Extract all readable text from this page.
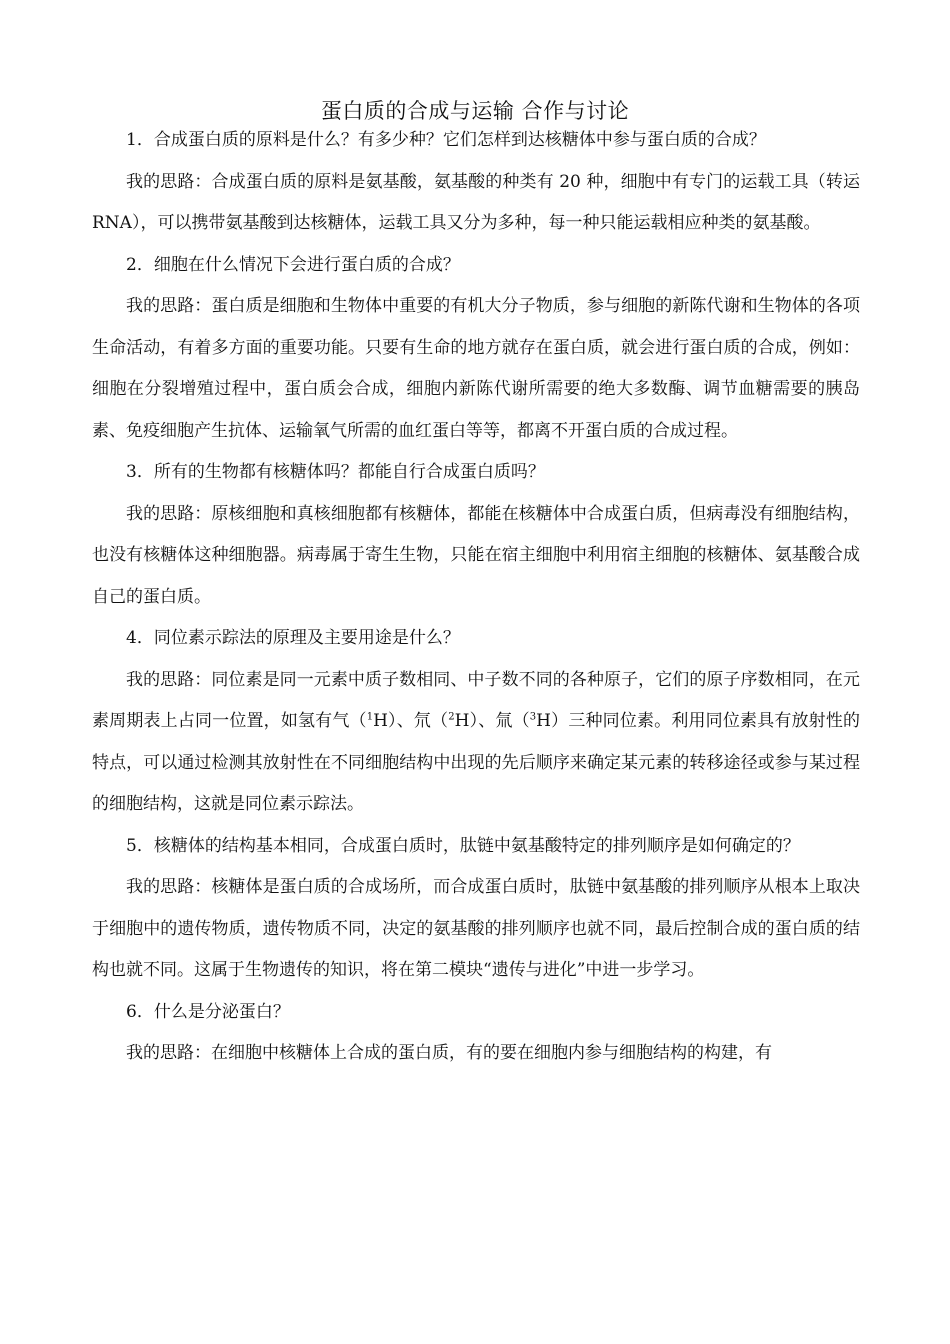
蛋白质的合成与运输 合作与讨论

1．合成蛋白质的原料是什么？有多少种？它们怎样到达核糖体中参与蛋白质的合成？

我的思路：合成蛋白质的原料是氨基酸，氨基酸的种类有 20 种，细胞中有专门的运载工具（转运 RNA），可以携带氨基酸到达核糖体，运载工具又分为多种，每一种只能运载相应种类的氨基酸。

2．细胞在什么情况下会进行蛋白质的合成？

我的思路：蛋白质是细胞和生物体中重要的有机大分子物质，参与细胞的新陈代谢和生物体的各项生命活动，有着多方面的重要功能。只要有生命的地方就存在蛋白质，就会进行蛋白质的合成，例如：细胞在分裂增殖过程中，蛋白质会合成，细胞内新陈代谢所需要的绝大多数酶、调节血糖需要的胰岛素、免疫细胞产生抗体、运输氧气所需的血红蛋白等等，都离不开蛋白质的合成过程。

3．所有的生物都有核糖体吗？都能自行合成蛋白质吗？

我的思路：原核细胞和真核细胞都有核糖体，都能在核糖体中合成蛋白质，但病毒没有细胞结构，也没有核糖体这种细胞器。病毒属于寄生生物，只能在宿主细胞中利用宿主细胞的核糖体、氨基酸合成自己的蛋白质。

4．同位素示踪法的原理及主要用途是什么？

我的思路：同位素是同一元素中质子数相同、中子数不同的各种原子，它们的原子序数相同，在元素周期表上占同一位置，如氢有气（$^1$H）、氘（$^2$H）、氚（$^3$H）三种同位素。利用同位素具有放射性的特点，可以通过检测其放射性在不同细胞结构中出现的先后顺序来确定某元素的转移途径或参与某过程的细胞结构，这就是同位素示踪法。

5．核糖体的结构基本相同，合成蛋白质时，肽链中氨基酸特定的排列顺序是如何确定的？

我的思路：核糖体是蛋白质的合成场所，而合成蛋白质时，肽链中氨基酸的排列顺序从根本上取决于细胞中的遗传物质，遗传物质不同，决定的氨基酸的排列顺序也就不同，最后控制合成的蛋白质的结构也就不同。这属于生物遗传的知识，将在第二模块“遗传与进化”中进一步学习。

6．什么是分泌蛋白？

我的思路：在细胞中核糖体上合成的蛋白质，有的要在细胞内参与细胞结构的构建，有
